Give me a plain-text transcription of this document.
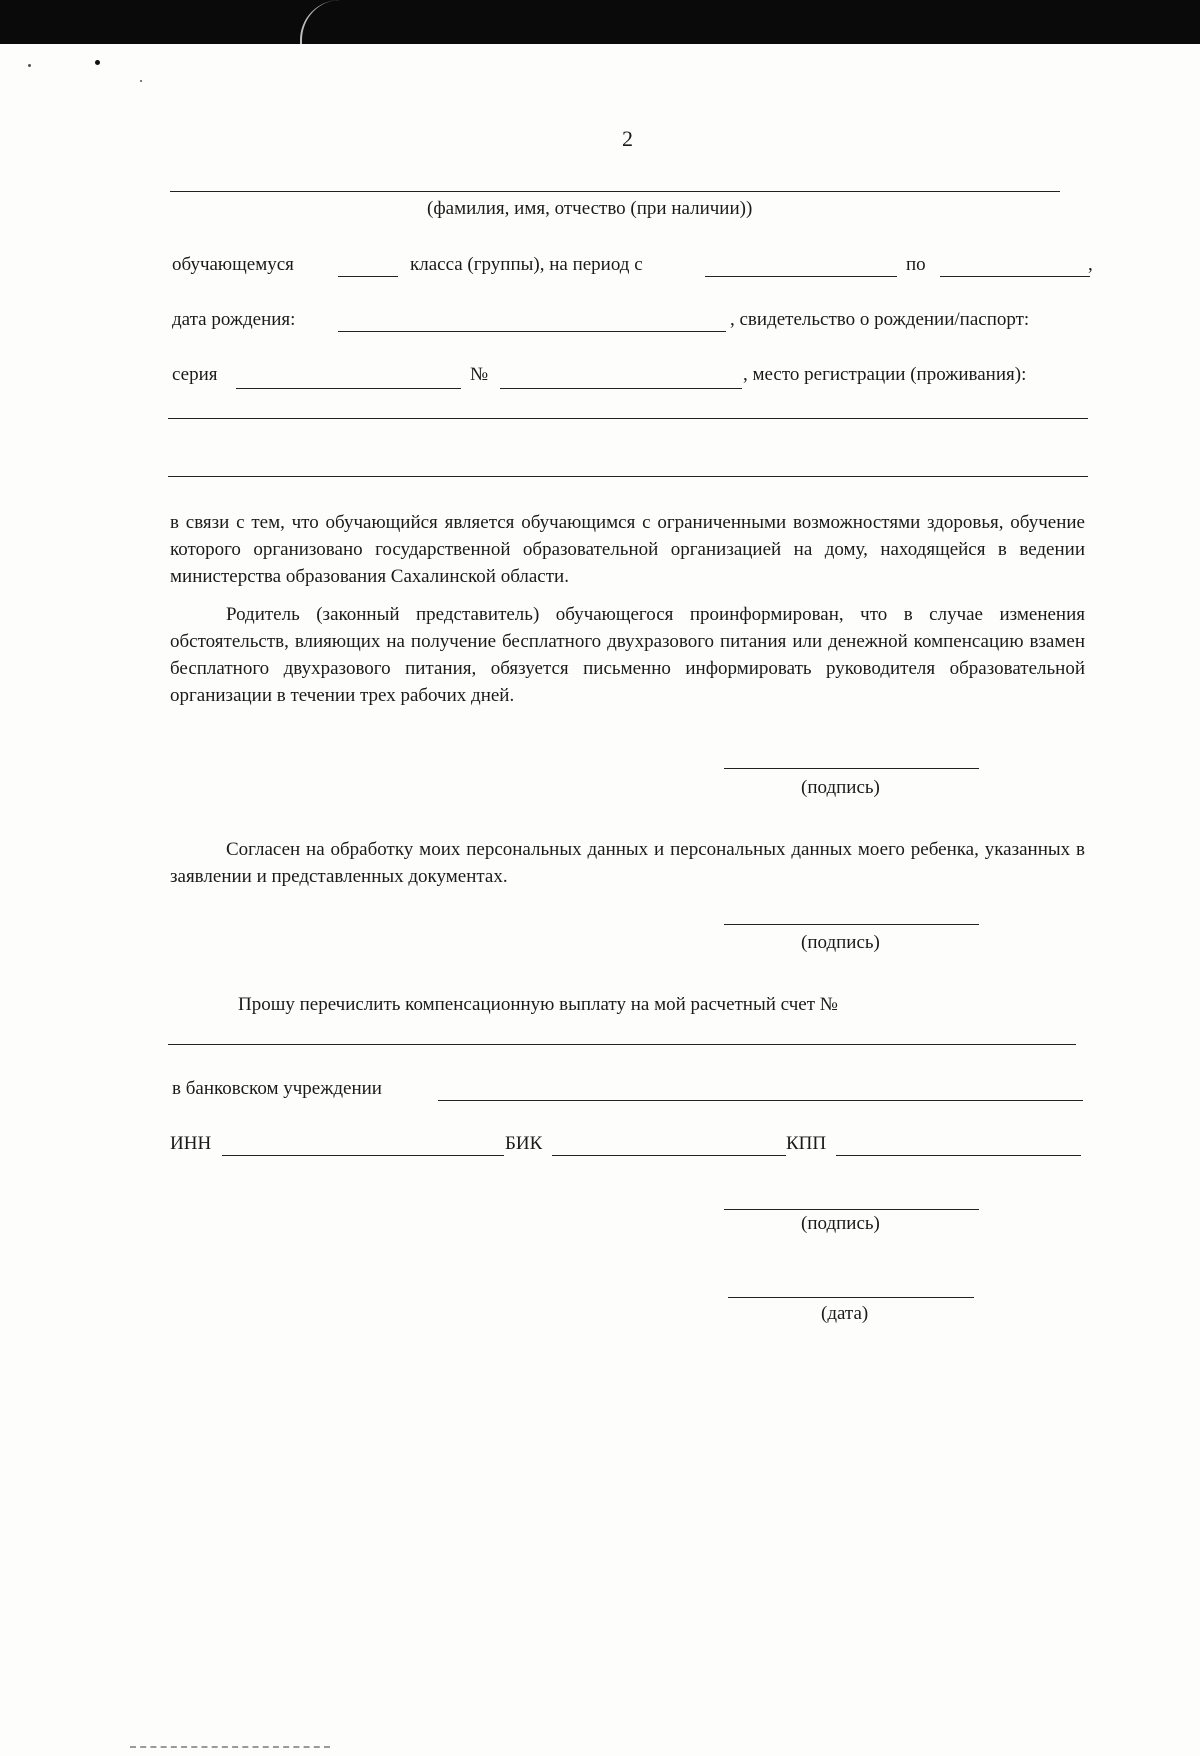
2
(фамилия, имя, отчество (при наличии))
обучающемуся	класса (группы), на период с	по	,
дата рождения:	, свидетельство о рождении/паспорт:
серия	№	, место регистрации (проживания):

в связи с тем, что обучающийся является обучающимся с ограниченными возможностями здоровья, обучение которого организовано государственной образовательной организацией на дому, находящейся в ведении министерства образования Сахалинской области.

Родитель (законный представитель) обучающегося проинформирован, что в случае изменения обстоятельств, влияющих на получение бесплатного двухразового питания или денежной компенсацию взамен бесплатного двухразового питания, обязуется письменно информировать руководителя образовательной организации в течении трех рабочих дней.

(подпись)

Согласен на обработку моих персональных данных и персональных данных моего ребенка, указанных в заявлении и представленных документах.

(подпись)
Прошу перечислить компенсационную выплату на мой расчетный счет №
в банковском учреждении
ИНН	БИК	КПП
(подпись)
(дата)
